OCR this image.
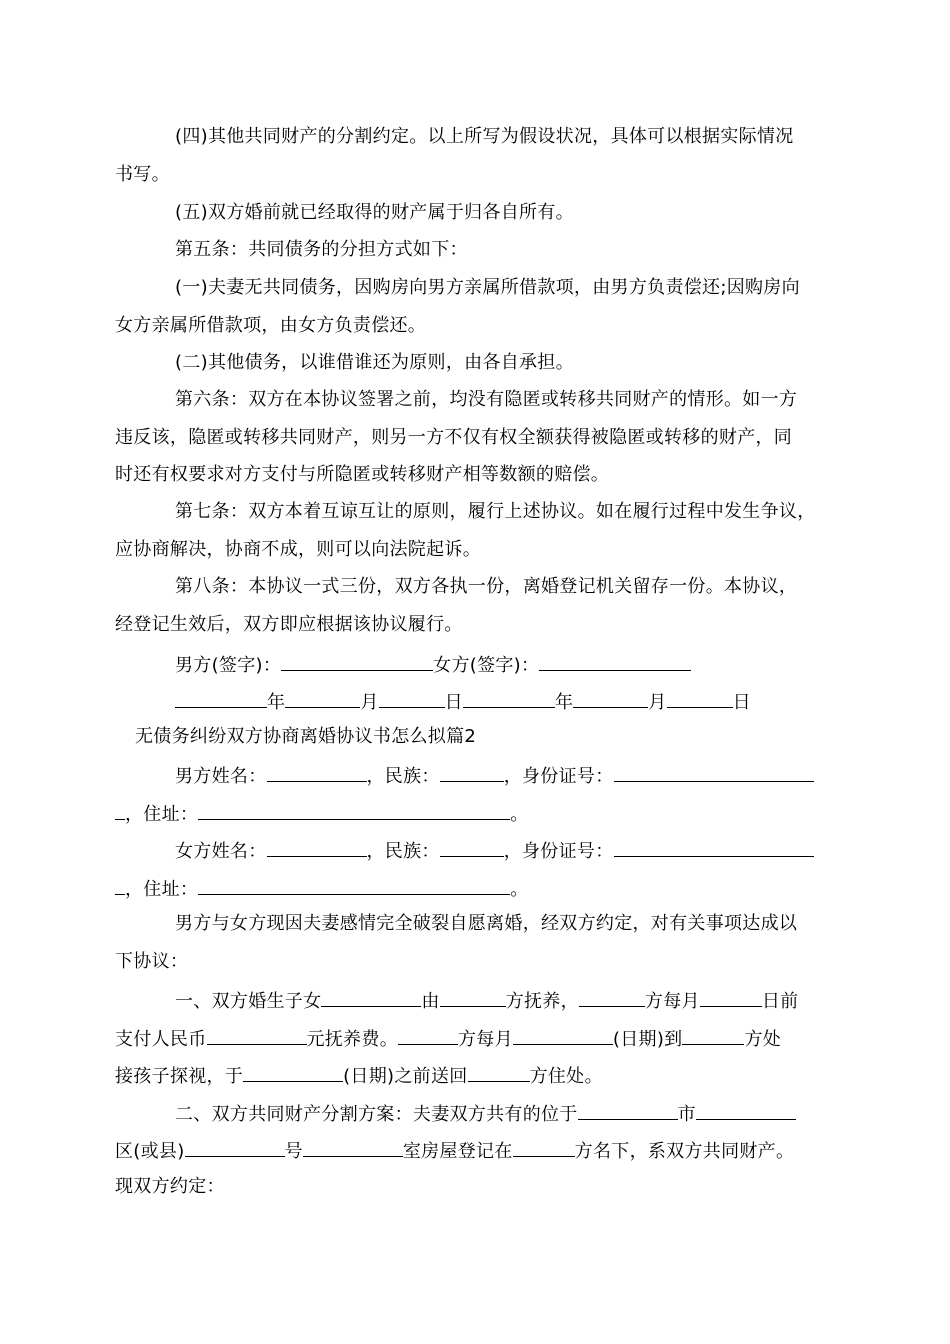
(四)其他共同财产的分割约定。以上所写为假设状况，具体可以根据实际情况
书写。
(五)双方婚前就已经取得的财产属于归各自所有。
第五条：共同债务的分担方式如下：
(一)夫妻无共同债务，因购房向男方亲属所借款项，由男方负责偿还;因购房向
女方亲属所借款项，由女方负责偿还。
(二)其他债务，以谁借谁还为原则，由各自承担。
第六条：双方在本协议签署之前，均没有隐匿或转移共同财产的情形。如一方
违反该，隐匿或转移共同财产，则另一方不仅有权全额获得被隐匿或转移的财产，同
时还有权要求对方支付与所隐匿或转移财产相等数额的赔偿。
第七条：双方本着互谅互让的原则，履行上述协议。如在履行过程中发生争议，
应协商解决，协商不成，则可以向法院起诉。
第八条：本协议一式三份，双方各执一份，离婚登记机关留存一份。本协议，
经登记生效后，双方即应根据该协议履行。
男方(签字)：	女方(签字)：
年	月	日	年	月	日
无债务纠纷双方协商离婚协议书怎么拟篇2
男方姓名：	，民族：	，身份证号：
，住址：	。
女方姓名：	，民族：	，身份证号：
，住址：	。
男方与女方现因夫妻感情完全破裂自愿离婚，经双方约定，对有关事项达成以
下协议：
一、双方婚生子女	由	方抚养，	方每月	日前
支付人民币	元抚养费。	方每月	(日期)到	方处
接孩子探视，于	(日期)之前送回	方住处。
二、双方共同财产分割方案：夫妻双方共有的位于	市
区(或县)	号	室房屋登记在	方名下，系双方共同财产。
现双方约定：
